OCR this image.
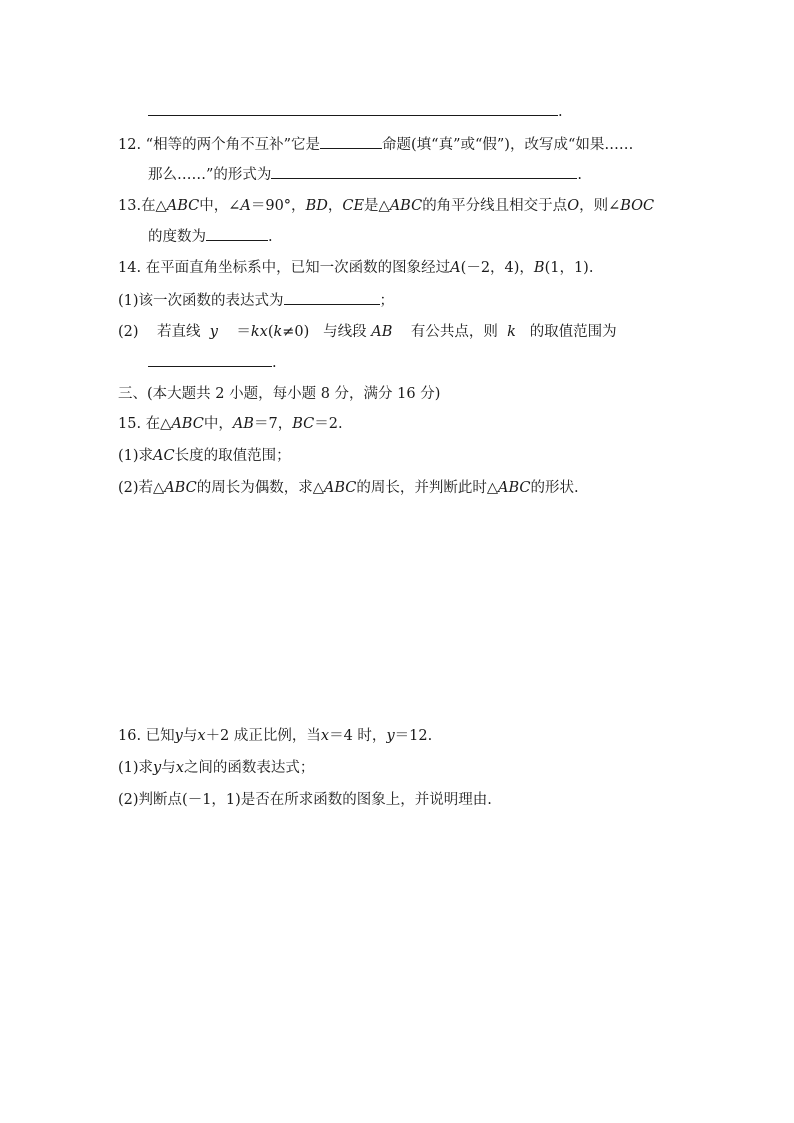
.
12. “相等的两个角不互补”它是	命题(填“真”或“假”)，改写成“如果……
那么……”的形式为	.
13.在△ABC中，∠A＝90°，BD，CE是△ABC的角平分线且相交于点O，则∠BOC
的度数为	.
14. 在平面直角坐标系中，已知一次函数的图象经过A(－2，4)，B(1，1).
(1)该一次函数的表达式为	；
(2) 若直线 y ＝kx(k≠0) 与线段 AB 有公共点，则 k 的取值范围为
.
三、(本大题共 2 小题，每小题 8 分，满分 16 分)
15. 在△ABC中，AB＝7，BC＝2.
(1)求AC长度的取值范围；
(2)若△ABC的周长为偶数，求△ABC的周长，并判断此时△ABC的形状.
16. 已知y与x＋2 成正比例，当x＝4 时，y＝12.
(1)求y与x之间的函数表达式；
(2)判断点(－1，1)是否在所求函数的图象上，并说明理由.
